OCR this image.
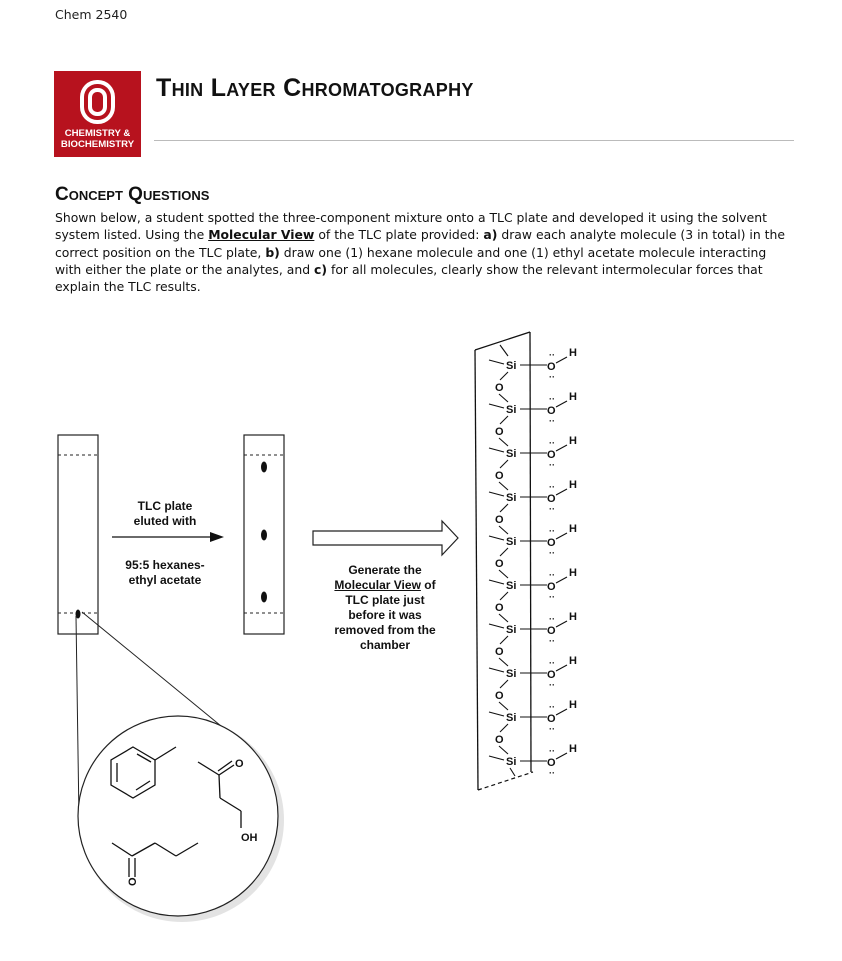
Chem 2540
CHEMISTRY &
BIOCHEMISTRY
Thin Layer Chromatography
Concept Questions
Shown below, a student spotted the three-component mixture onto a TLC plate and developed it using the solvent system listed. Using the Molecular View of the TLC plate provided: a) draw each analyte molecule (3 in total) in the correct position on the TLC plate, b) draw one (1) hexane molecule and one (1) ethyl acetate molecule interacting with either the plate or the analytes, and c) for all molecules, clearly show the relevant intermolecular forces that explain the TLC results.
Si	O
··
··
H
O
Si	O
··
··
H
O
Si	O
··
··
H
O
Si	O
··
··
H
O
Si	O
··
··
H
O
Si	O
··
··
H
O
Si	O
··
··
H
O
Si	O
··
··
H
O
Si	O
··
··
H
O
Si	O
··
··
H
OH
O
O
TLC plate
eluted with
95:5 hexanes-
ethyl acetate
Generate the
Molecular View of
TLC plate just
before it was
removed from the
chamber
